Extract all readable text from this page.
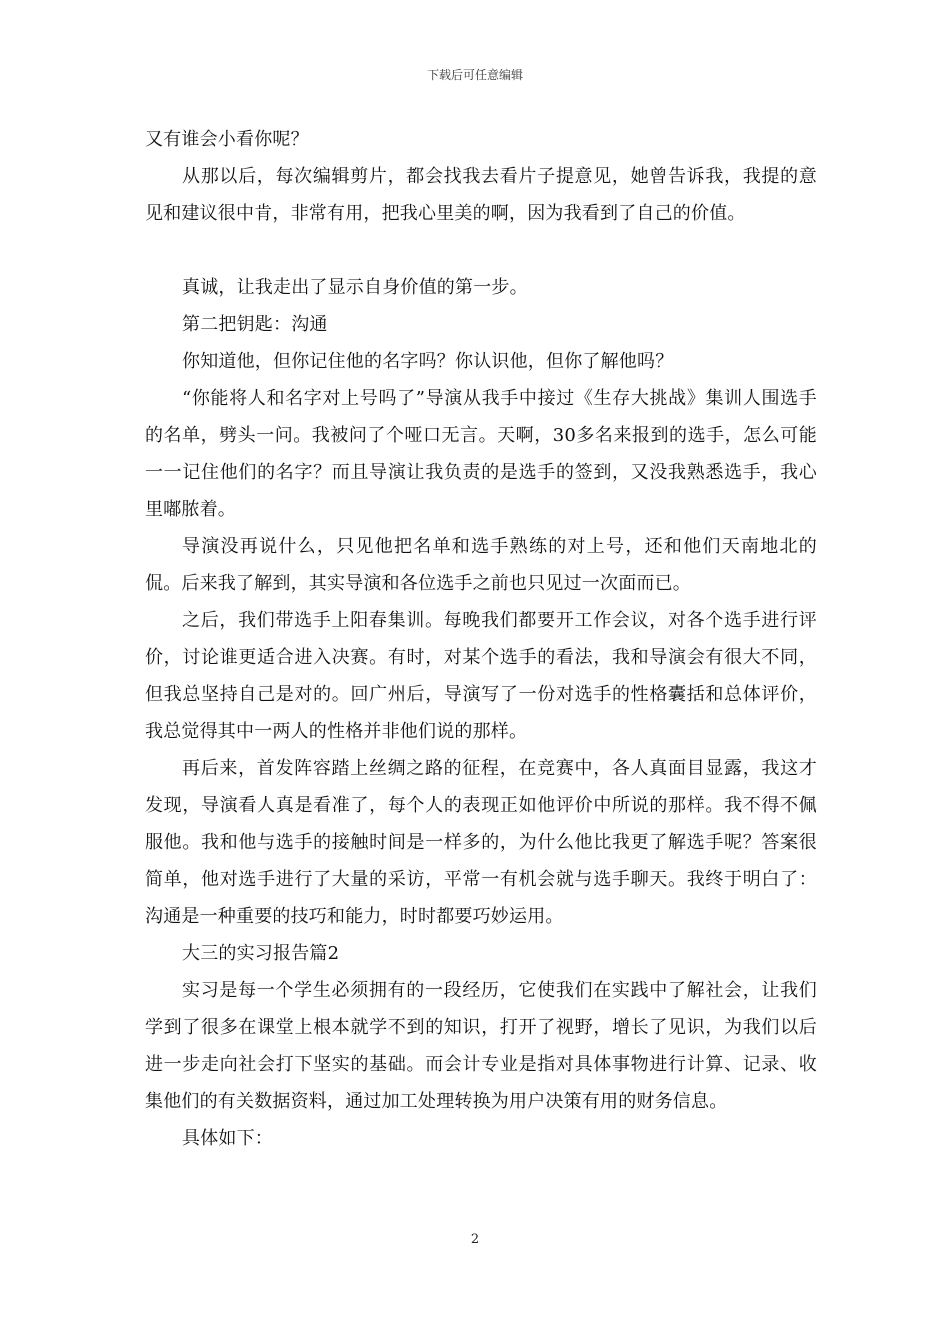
下载后可任意编辑

又有谁会小看你呢？

从那以后，每次编辑剪片，都会找我去看片子提意见，她曾告诉我，我提的意见和建议很中肯，非常有用，把我心里美的啊，因为我看到了自己的价值。

真诚，让我走出了显示自身价值的第一步。

第二把钥匙：沟通

你知道他，但你记住他的名字吗？你认识他，但你了解他吗？

“你能将人和名字对上号吗了”导演从我手中接过《生存大挑战》集训人围选手的名单，劈头一问。我被问了个哑口无言。天啊，30多名来报到的选手，怎么可能一一记住他们的名字？而且导演让我负责的是选手的签到，又没我熟悉选手，我心里嘟脓着。

导演没再说什么，只见他把名单和选手熟练的对上号，还和他们天南地北的侃。后来我了解到，其实导演和各位选手之前也只见过一次面而已。

之后，我们带选手上阳春集训。每晚我们都要开工作会议，对各个选手进行评价，讨论谁更适合进入决赛。有时，对某个选手的看法，我和导演会有很大不同，但我总坚持自己是对的。回广州后，导演写了一份对选手的性格囊括和总体评价，我总觉得其中一两人的性格并非他们说的那样。

再后来，首发阵容踏上丝绸之路的征程，在竞赛中，各人真面目显露，我这才发现，导演看人真是看准了，每个人的表现正如他评价中所说的那样。我不得不佩服他。我和他与选手的接触时间是一样多的，为什么他比我更了解选手呢？答案很简单，他对选手进行了大量的采访，平常一有机会就与选手聊天。我终于明白了：沟通是一种重要的技巧和能力，时时都要巧妙运用。

大三的实习报告篇2

实习是每一个学生必须拥有的一段经历，它使我们在实践中了解社会，让我们学到了很多在课堂上根本就学不到的知识，打开了视野，增长了见识，为我们以后进一步走向社会打下坚实的基础。而会计专业是指对具体事物进行计算、记录、收集他们的有关数据资料，通过加工处理转换为用户决策有用的财务信息。

具体如下：

2
